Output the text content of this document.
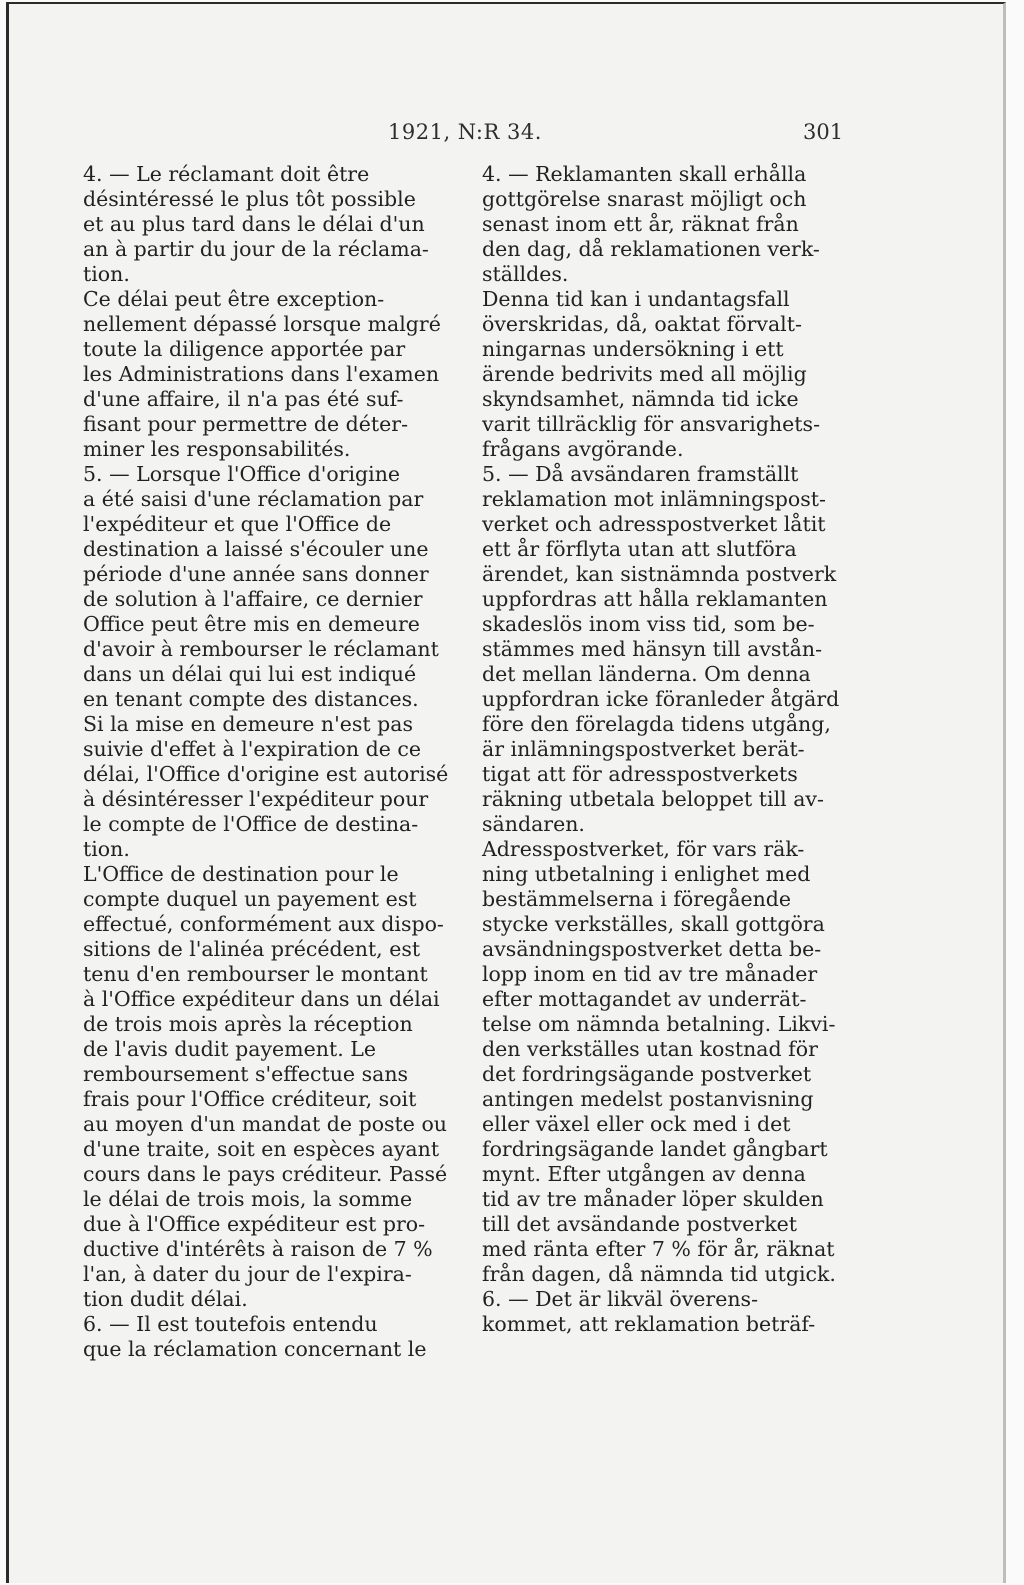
1921, N:R 34.	301

4. — Le réclamant doit être
désintéressé le plus tôt possible
et au plus tard dans le délai d'un
an à partir du jour de la réclama-
tion.

Ce délai peut être exception-
nellement dépassé lorsque malgré
toute la diligence apportée par
les Administrations dans l'examen
d'une affaire, il n'a pas été suf-
fisant pour permettre de déter-
miner les responsabilités.

5. — Lorsque l'Office d'origine
a été saisi d'une réclamation par
l'expéditeur et que l'Office de
destination a laissé s'écouler une
période d'une année sans donner
de solution à l'affaire, ce dernier
Office peut être mis en demeure
d'avoir à rembourser le réclamant
dans un délai qui lui est indiqué
en tenant compte des distances.
Si la mise en demeure n'est pas
suivie d'effet à l'expiration de ce
délai, l'Office d'origine est autorisé
à désintéresser l'expéditeur pour
le compte de l'Office de destina-
tion.

L'Office de destination pour le
compte duquel un payement est
effectué, conformément aux dispo-
sitions de l'alinéa précédent, est
tenu d'en rembourser le montant
à l'Office expéditeur dans un délai
de trois mois après la réception
de l'avis dudit payement. Le
remboursement s'effectue sans
frais pour l'Office créditeur, soit
au moyen d'un mandat de poste ou
d'une traite, soit en espèces ayant
cours dans le pays créditeur. Passé
le délai de trois mois, la somme
due à l'Office expéditeur est pro-
ductive d'intérêts à raison de 7 %
l'an, à dater du jour de l'expira-
tion dudit délai.

6. — Il est toutefois entendu
que la réclamation concernant le

4. — Reklamanten skall erhålla
gottgörelse snarast möjligt och
senast inom ett år, räknat från
den dag, då reklamationen verk-
ställdes.

Denna tid kan i undantagsfall
överskridas, då, oaktat förvalt-
ningarnas undersökning i ett
ärende bedrivits med all möjlig
skyndsamhet, nämnda tid icke
varit tillräcklig för ansvarighets-
frågans avgörande.

5. — Då avsändaren framställt
reklamation mot inlämningspost-
verket och adresspostverket låtit
ett år förflyta utan att slutföra
ärendet, kan sistnämnda postverk
uppfordras att hålla reklamanten
skadeslös inom viss tid, som be-
stämmes med hänsyn till avstån-
det mellan länderna. Om denna
uppfordran icke föranleder åtgärd
före den förelagda tidens utgång,
är inlämningspostverket berät-
tigat att för adresspostverkets
räkning utbetala beloppet till av-
sändaren.

Adresspostverket, för vars räk-
ning utbetalning i enlighet med
bestämmelserna i föregående
stycke verkställes, skall gottgöra
avsändningspostverket detta be-
lopp inom en tid av tre månader
efter mottagandet av underrät-
telse om nämnda betalning. Likvi-
den verkställes utan kostnad för
det fordringsägande postverket
antingen medelst postanvisning
eller växel eller ock med i det
fordringsägande landet gångbart
mynt. Efter utgången av denna
tid av tre månader löper skulden
till det avsändande postverket
med ränta efter 7 % för år, räknat
från dagen, då nämnda tid utgick.

6. — Det är likväl överens-
kommet, att reklamation beträf-
